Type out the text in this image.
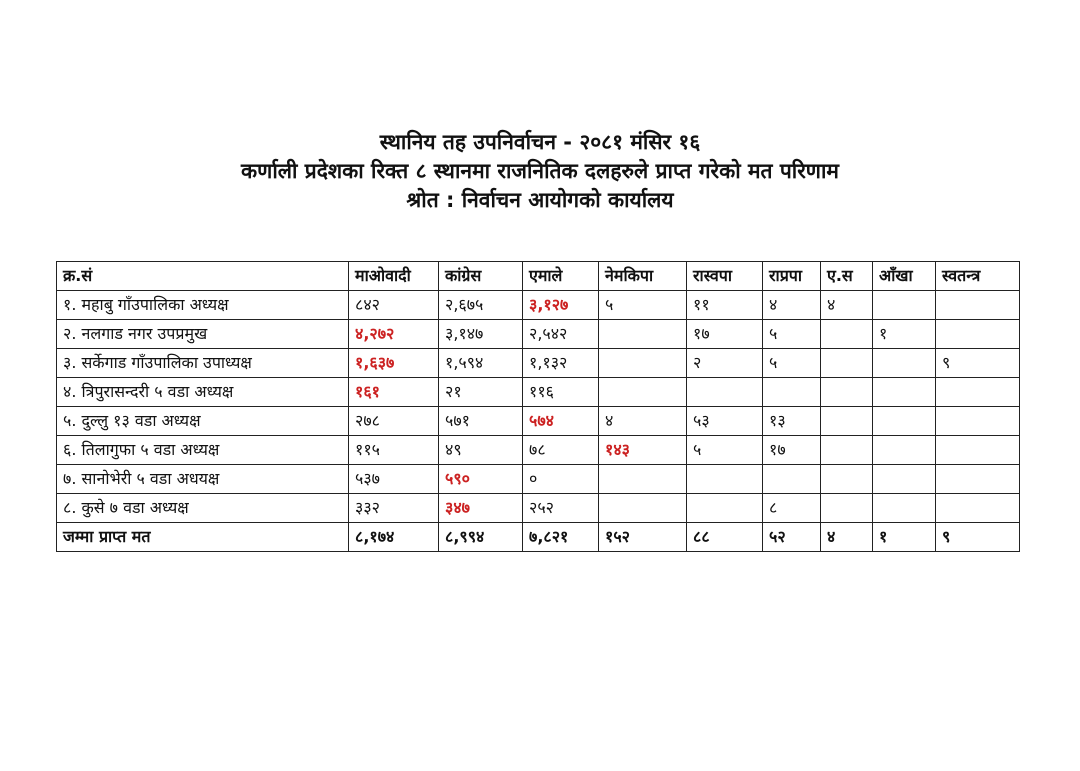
स्थानिय तह उपनिर्वाचन - २०८१ मंसिर १६
कर्णाली प्रदेशका रिक्त ८ स्थानमा राजनितिक दलहरुले प्राप्त गरेको मत परिणाम
श्रोत : निर्वाचन आयोगको कार्यालय
क्र.सं	माओवादी	कांग्रेस	एमाले	नेमकिपा	रास्वपा	राप्रपा	ए.स	आँखा	स्वतन्त्र
१. महाबु गाँउपालिका अध्यक्ष	८४२	२,६७५	३,१२७	५	११	४	४		
२. नलगाड नगर उपप्रमुख	४,२७२	३,१४७	२,५४२		१७	५		१	
३. सर्केगाड गाँउपालिका उपाध्यक्ष	१,६३७	१,५९४	१,१३२		२	५			९
४. त्रिपुरासन्दरी ५ वडा अध्यक्ष	१६१	२१	११६						
५. दुल्लु १३ वडा अध्यक्ष	२७८	५७१	५७४	४	५३	१३			
६. तिलागुफा ५ वडा अध्यक्ष	११५	४९	७८	१४३	५	१७			
७. सानोभेरी ५ वडा अधयक्ष	५३७	५९०	०						
८. कुसे ७ वडा अध्यक्ष	३३२	३४७	२५२			८			
जम्मा प्राप्त मत	८,१७४	८,९९४	७,८२१	१५२	८८	५२	४	१	९
